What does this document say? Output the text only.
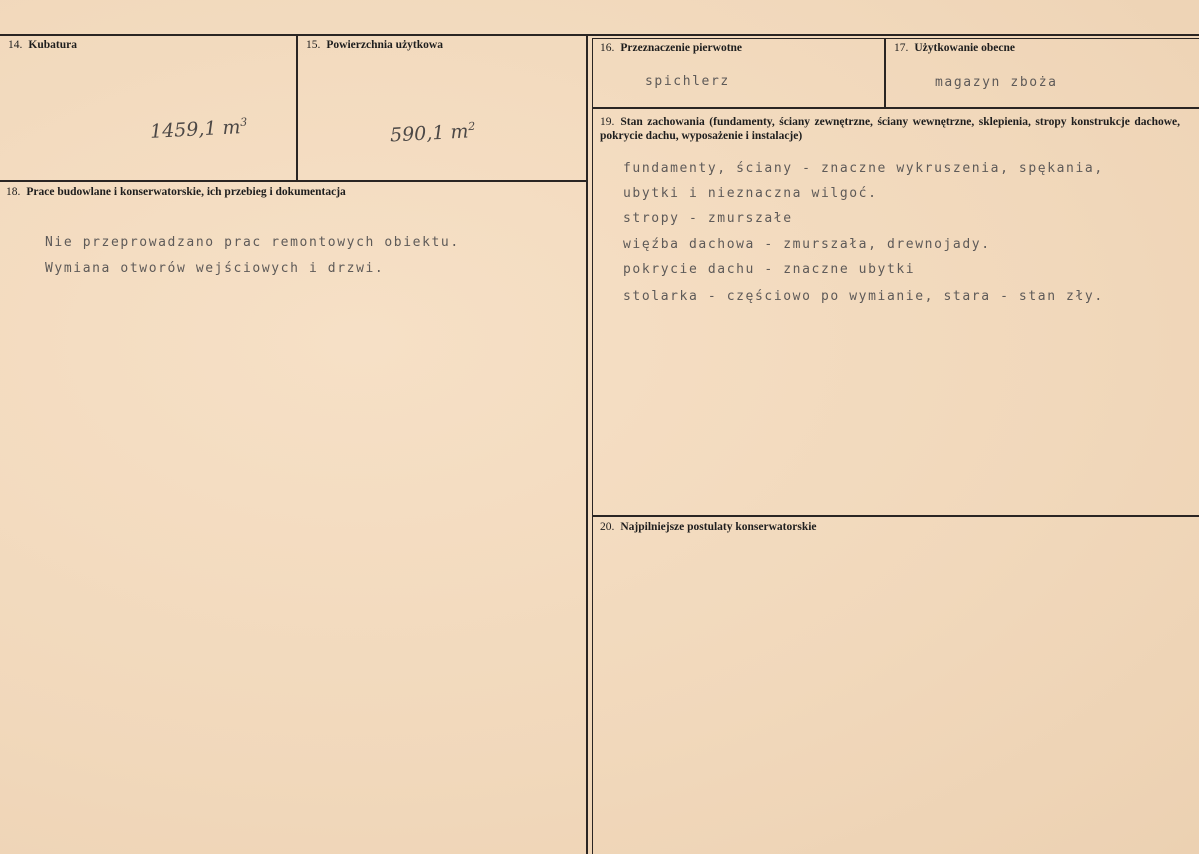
14. Kubatura
1459,1 $m^3$
15. Powierzchnia użytkowa
590,1 $m^2$
16. Przeznaczenie pierwotne
spichlerz
17. Użytkowanie obecne
magazyn zboża
18. Prace budowlane i konserwatorskie, ich przebieg i dokumentacja
Nie przeprowadzano prac remontowych obiektu.
Wymiana otworów wejściowych i drzwi.
19. Stan zachowania (fundamenty, ściany zewnętrzne, ściany wewnętrzne, sklepienia, stropy konstrukcje dachowe, pokrycie dachu, wyposażenie i instalacje)
fundamenty, ściany - znaczne wykruszenia, spękania,
ubytki i nieznaczna wilgoć.
stropy - zmurszałe
więźba dachowa - zmurszała, drewnojady.
pokrycie dachu - znaczne ubytki
stolarka - częściowo po wymianie, stara - stan zły.
20. Najpilniejsze postulaty konserwatorskie
